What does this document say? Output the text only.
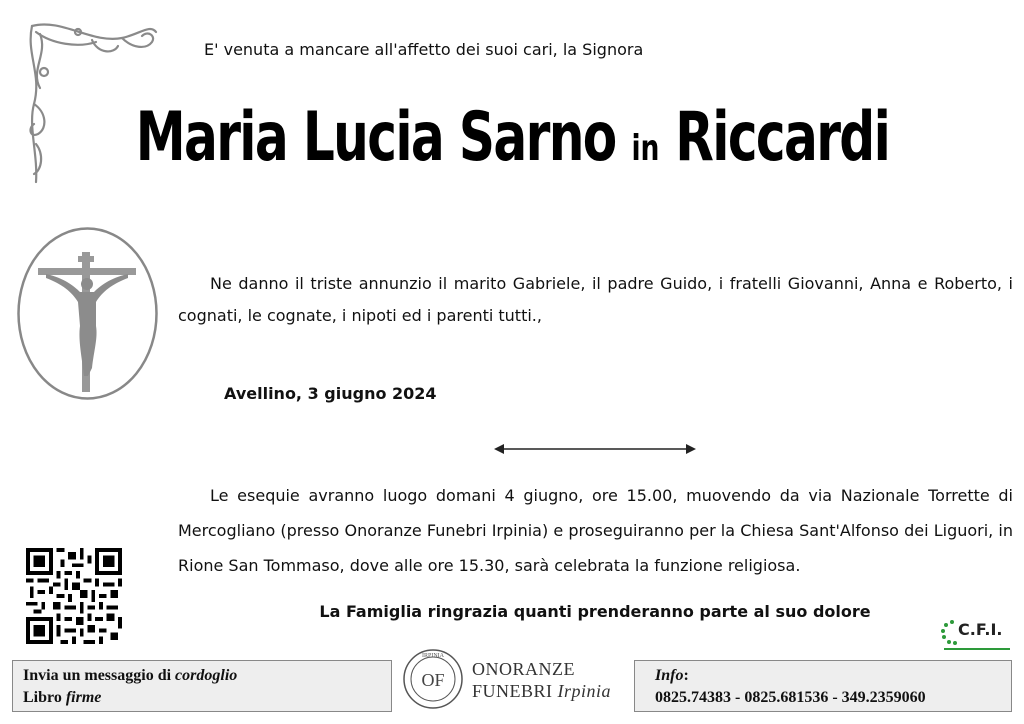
E' venuta a mancare all'affetto dei suoi cari, la Signora
Maria Lucia Sarno in Riccardi
Ne danno il triste annunzio il marito Gabriele, il padre Guido, i fratelli Giovanni, Anna e Roberto, i cognati, le cognate, i nipoti ed i parenti tutti.,
Avellino, 3 giugno 2024
Le esequie avranno luogo domani 4 giugno, ore 15.00, muovendo da via Nazionale Torrette di Mercogliano (presso Onoranze Funebri Irpinia) e proseguiranno per la Chiesa Sant'Alfonso dei Liguori, in Rione San Tommaso, dove alle ore 15.30, sarà celebrata la funzione religiosa.
La Famiglia ringrazia quanti prenderanno parte al suo dolore
C.F.I.
Invia un messaggio di cordoglio
Libro firme
IRPINIA
OF
ONORANZE
FUNEBRI Irpinia
Info:
0825.74383 - 0825.681536 - 349.2359060
